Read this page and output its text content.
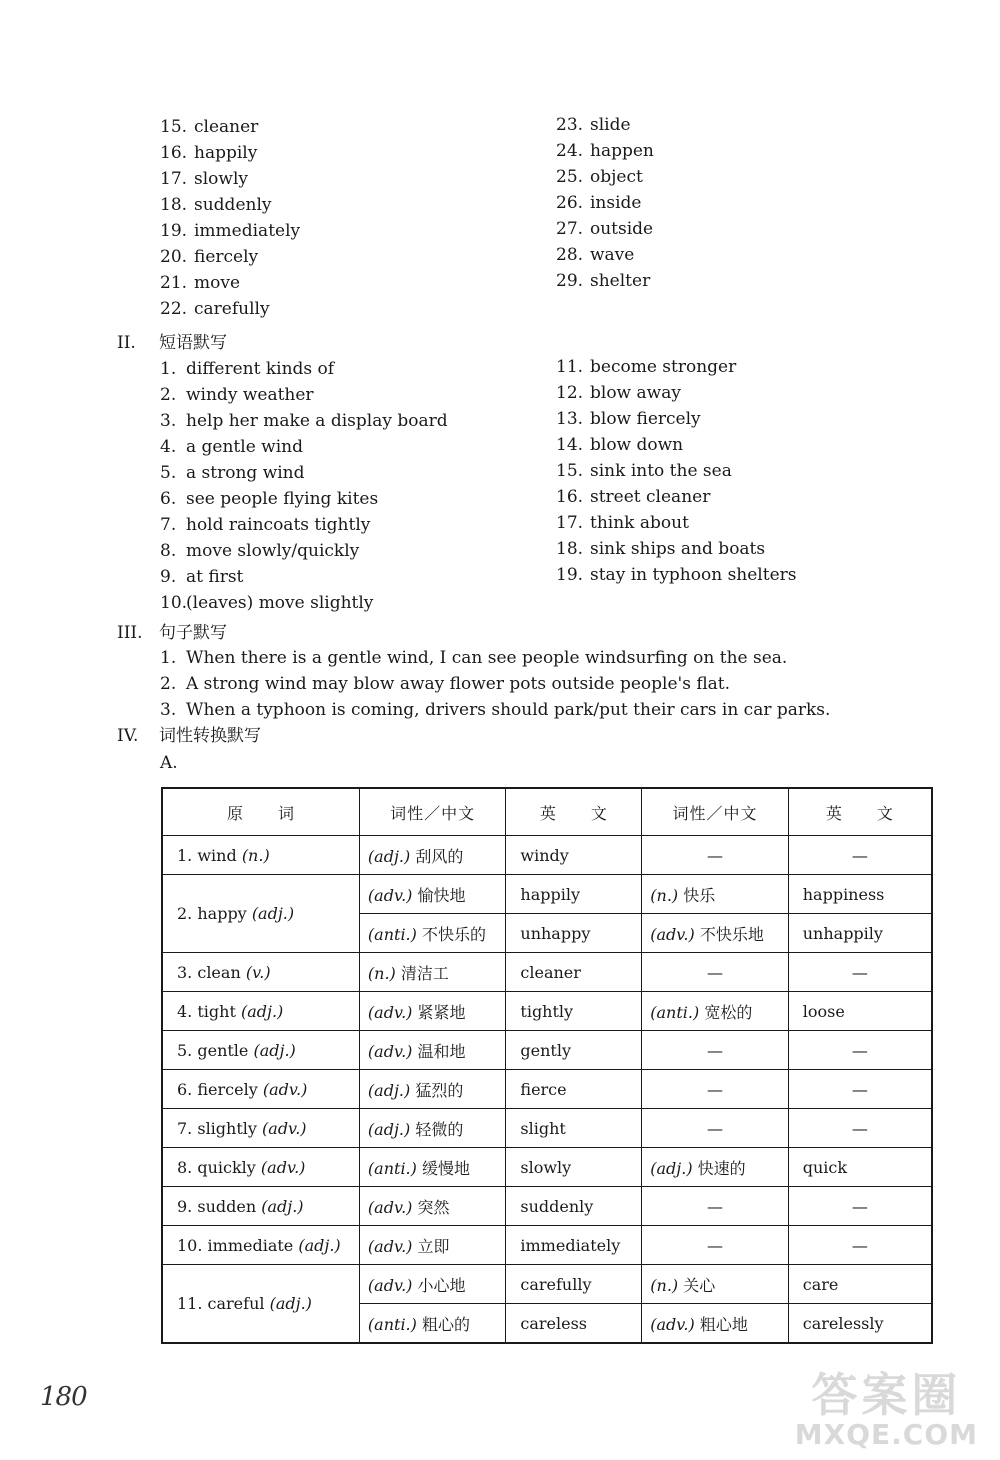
15. cleaner
16. happily
17. slowly
18. suddenly
19. immediately
20. fiercely
21. move
22. carefully
23. slide
24. happen
25. object
26. inside
27. outside
28. wave
29. shelter
II. 短语默写
1. different kinds of
2. windy weather
3. help her make a display board
4. a gentle wind
5. a strong wind
6. see people flying kites
7. hold raincoats tightly
8. move slowly/quickly
9. at first
10.(leaves) move slightly
11. become stronger
12. blow away
13. blow fiercely
14. blow down
15. sink into the sea
16. street cleaner
17. think about
18. sink ships and boats
19. stay in typhoon shelters
III. 句子默写
1. When there is a gentle wind, I can see people windsurfing on the sea.
2. A strong wind may blow away flower pots outside people's flat.
3. When a typhoon is coming, drivers should park/put their cars in car parks.
IV. 词性转换默写
A.
原　　词	词性／中文	英　　文	词性／中文	英　　文
1. wind (n.)	(adj.) 刮风的	windy	—	—
2. happy (adj.)	(adv.) 愉快地	happily	(n.) 快乐	happiness
	(anti.) 不快乐的	unhappy	(adv.) 不快乐地	unhappily
3. clean (v.)	(n.) 清洁工	cleaner	—	—
4. tight (adj.)	(adv.) 紧紧地	tightly	(anti.) 宽松的	loose
5. gentle (adj.)	(adv.) 温和地	gently	—	—
6. fiercely (adv.)	(adj.) 猛烈的	fierce	—	—
7. slightly (adv.)	(adj.) 轻微的	slight	—	—
8. quickly (adv.)	(anti.) 缓慢地	slowly	(adj.) 快速的	quick
9. sudden (adj.)	(adv.) 突然	suddenly	—	—
10. immediate (adj.)	(adv.) 立即	immediately	—	—
11. careful (adj.)	(adv.) 小心地	carefully	(n.) 关心	care
	(anti.) 粗心的	careless	(adv.) 粗心地	carelessly
180	答案圈
MXQE.COM
